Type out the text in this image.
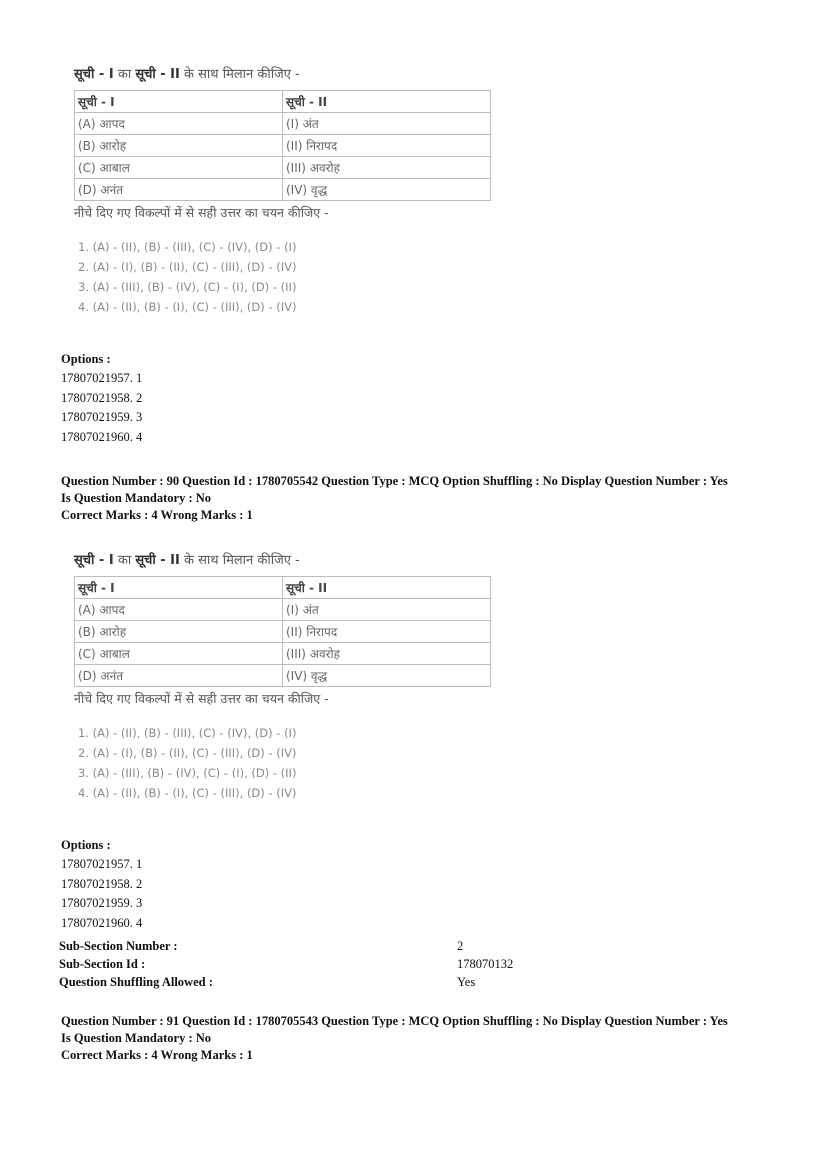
सूची - I का सूची - II के साथ मिलान कीजिए -

सूची - I	सूची - II
(A) आपद	(I) अंत
(B) आरोह	(II) निरापद
(C) आबाल	(III) अवरोह
(D) अनंत	(IV) वृद्ध

नीचे दिए गए विकल्पों में से सही उत्तर का चयन कीजिए -

1. (A) - (II), (B) - (III), (C) - (IV), (D) - (I)
2. (A) - (I), (B) - (II), (C) - (III), (D) - (IV)
3. (A) - (III), (B) - (IV), (C) - (I), (D) - (II)
4. (A) - (II), (B) - (I), (C) - (III), (D) - (IV)
Options :
17807021957. 1
17807021958. 2
17807021959. 3
17807021960. 4
Question Number : 90 Question Id : 1780705542 Question Type : MCQ Option Shuffling : No Display Question Number : Yes
Is Question Mandatory : No
Correct Marks : 4 Wrong Marks : 1

सूची - I का सूची - II के साथ मिलान कीजिए -

सूची - I	सूची - II
(A) आपद	(I) अंत
(B) आरोह	(II) निरापद
(C) आबाल	(III) अवरोह
(D) अनंत	(IV) वृद्ध

नीचे दिए गए विकल्पों में से सही उत्तर का चयन कीजिए -

1. (A) - (II), (B) - (III), (C) - (IV), (D) - (I)
2. (A) - (I), (B) - (II), (C) - (III), (D) - (IV)
3. (A) - (III), (B) - (IV), (C) - (I), (D) - (II)
4. (A) - (II), (B) - (I), (C) - (III), (D) - (IV)
Options :
17807021957. 1
17807021958. 2
17807021959. 3
17807021960. 4
Sub-Section Number :	2
Sub-Section Id :	178070132
Question Shuffling Allowed :	Yes
Question Number : 91 Question Id : 1780705543 Question Type : MCQ Option Shuffling : No Display Question Number : Yes
Is Question Mandatory : No
Correct Marks : 4 Wrong Marks : 1
